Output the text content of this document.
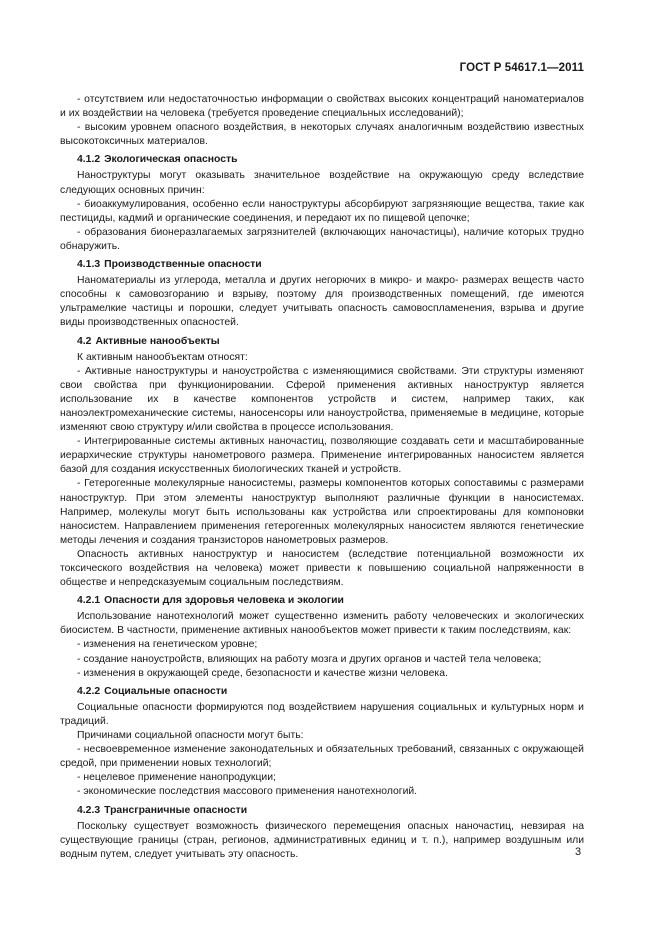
ГОСТ Р 54617.1—2011

- отсутствием или недостаточностью информации о свойствах высоких концентраций наноматериалов и их воздействии на человека (требуется проведение специальных исследований);

- высоким уровнем опасного воздействия, в некоторых случаях аналогичным воздействию известных высокотоксичных материалов.

4.1.2 Экологическая опасность

Наноструктуры могут оказывать значительное воздействие на окружающую среду вследствие следующих основных причин:

- биоаккумулирования, особенно если наноструктуры абсорбируют загрязняющие вещества, такие как пестициды, кадмий и органические соединения, и передают их по пищевой цепочке;

- образования бионеразлагаемых загрязнителей (включающих наночастицы), наличие которых трудно обнаружить.

4.1.3 Производственные опасности

Наноматериалы из углерода, металла и других негорючих в микро- и макро- размерах веществ часто способны к самовозгоранию и взрыву, поэтому для производственных помещений, где имеются ультрамелкие частицы и порошки, следует учитывать опасность самовоспламенения, взрыва и другие виды производственных опасностей.

4.2 Активные нанообъекты

К активным нанообъектам относят:

- Активные наноструктуры и наноустройства с изменяющимися свойствами. Эти структуры изменяют свои свойства при функционировании. Сферой применения активных наноструктур является использование их в качестве компонентов устройств и систем, например таких, как наноэлектромеханические системы, наносенсоры или наноустройства, применяемые в медицине, которые изменяют свою структуру и/или свойства в процессе использования.

- Интегрированные системы активных наночастиц, позволяющие создавать сети и масштабированные иерархические структуры нанометрового размера. Применение интегрированных наносистем является базой для создания искусственных биологических тканей и устройств.

- Гетерогенные молекулярные наносистемы, размеры компонентов которых сопоставимы с размерами наноструктур. При этом элементы наноструктур выполняют различные функции в наносистемах. Например, молекулы могут быть использованы как устройства или спроектированы для компоновки наносистем. Направлением применения гетерогенных молекулярных наносистем являются генетические методы лечения и создания транзисторов нанометровых размеров.

Опасность активных наноструктур и наносистем (вследствие потенциальной возможности их токсического воздействия на человека) может привести к повышению социальной напряженности в обществе и непредсказуемым социальным последствиям.

4.2.1 Опасности для здоровья человека и экологии

Использование нанотехнологий может существенно изменить работу человеческих и экологических биосистем. В частности, применение активных нанообъектов может привести к таким последствиям, как:

- изменения на генетическом уровне;

- создание наноустройств, влияющих на работу мозга и других органов и частей тела человека;

- изменения в окружающей среде, безопасности и качестве жизни человека.

4.2.2 Социальные опасности

Социальные опасности формируются под воздействием нарушения социальных и культурных норм и традиций.

Причинами социальной опасности могут быть:

- несвоевременное изменение законодательных и обязательных требований, связанных с окружающей средой, при применении новых технологий;

- нецелевое применение нанопродукции;

- экономические последствия массового применения нанотехнологий.

4.2.3 Трансграничные опасности

Поскольку существует возможность физического перемещения опасных наночастиц, невзирая на существующие границы (стран, регионов, административных единиц и т. п.), например воздушным или водным путем, следует учитывать эту опасность.	3
